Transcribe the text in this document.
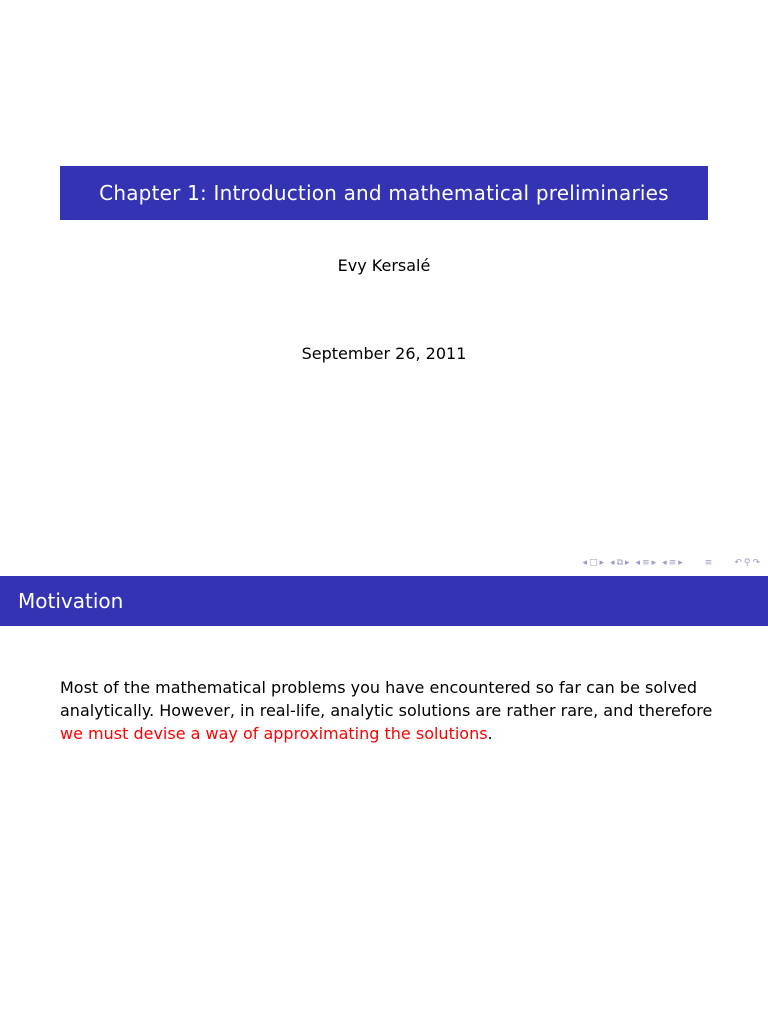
Chapter 1: Introduction and mathematical preliminaries
Evy Kersalé
September 26, 2011
◂ □ ▸ ◂ ⧉ ▸ ◂ ≡ ▸ ◂ ≡ ▸ ≡ ↶ ⚲ ↷
Motivation
Most of the mathematical problems you have encountered so far can be solved analytically. However, in real-life, analytic solutions are rather rare, and therefore we must devise a way of approximating the solutions.
